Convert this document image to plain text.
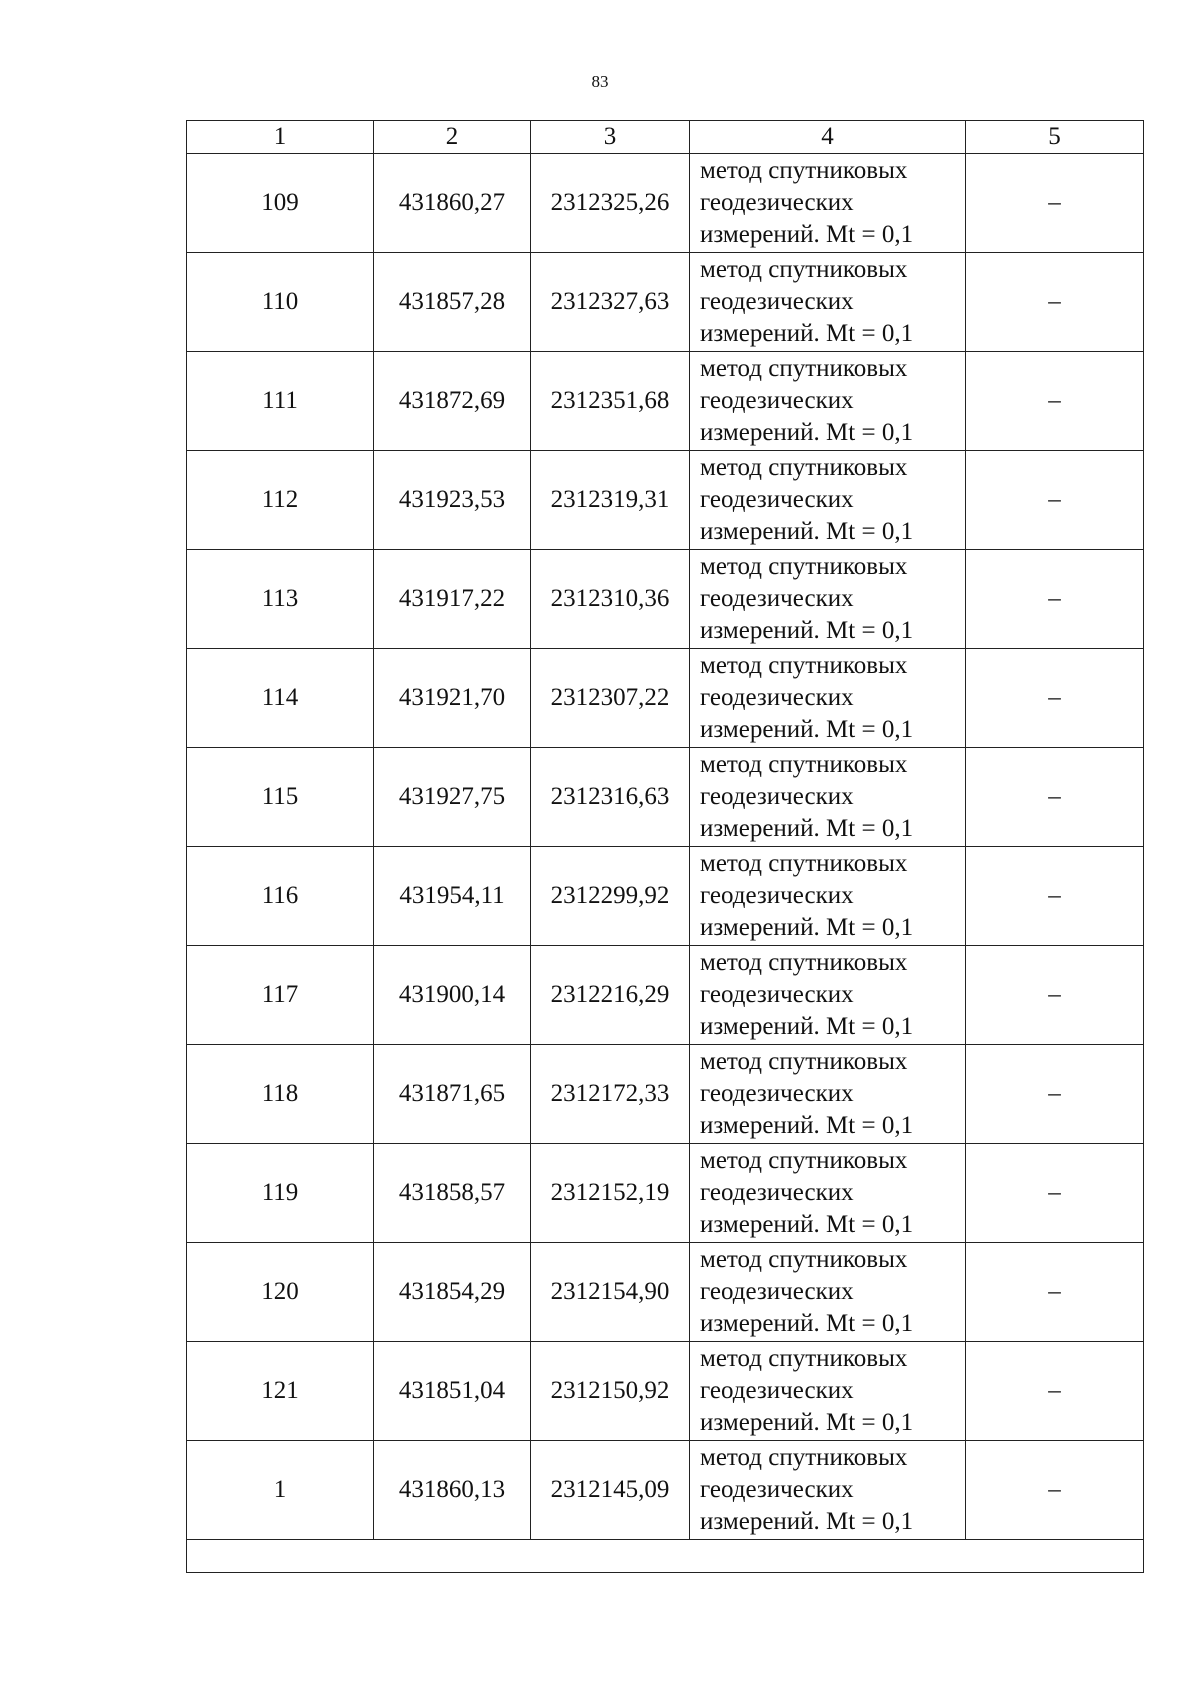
83
1	2	3	4	5
109	431860,27	2312325,26	метод спутниковых
геодезических
измерений. Mt = 0,1	–
110	431857,28	2312327,63	метод спутниковых
геодезических
измерений. Mt = 0,1	–
111	431872,69	2312351,68	метод спутниковых
геодезических
измерений. Mt = 0,1	–
112	431923,53	2312319,31	метод спутниковых
геодезических
измерений. Mt = 0,1	–
113	431917,22	2312310,36	метод спутниковых
геодезических
измерений. Mt = 0,1	–
114	431921,70	2312307,22	метод спутниковых
геодезических
измерений. Mt = 0,1	–
115	431927,75	2312316,63	метод спутниковых
геодезических
измерений. Mt = 0,1	–
116	431954,11	2312299,92	метод спутниковых
геодезических
измерений. Mt = 0,1	–
117	431900,14	2312216,29	метод спутниковых
геодезических
измерений. Mt = 0,1	–
118	431871,65	2312172,33	метод спутниковых
геодезических
измерений. Mt = 0,1	–
119	431858,57	2312152,19	метод спутниковых
геодезических
измерений. Mt = 0,1	–
120	431854,29	2312154,90	метод спутниковых
геодезических
измерений. Mt = 0,1	–
121	431851,04	2312150,92	метод спутниковых
геодезических
измерений. Mt = 0,1	–
1	431860,13	2312145,09	метод спутниковых
геодезических
измерений. Mt = 0,1	–
